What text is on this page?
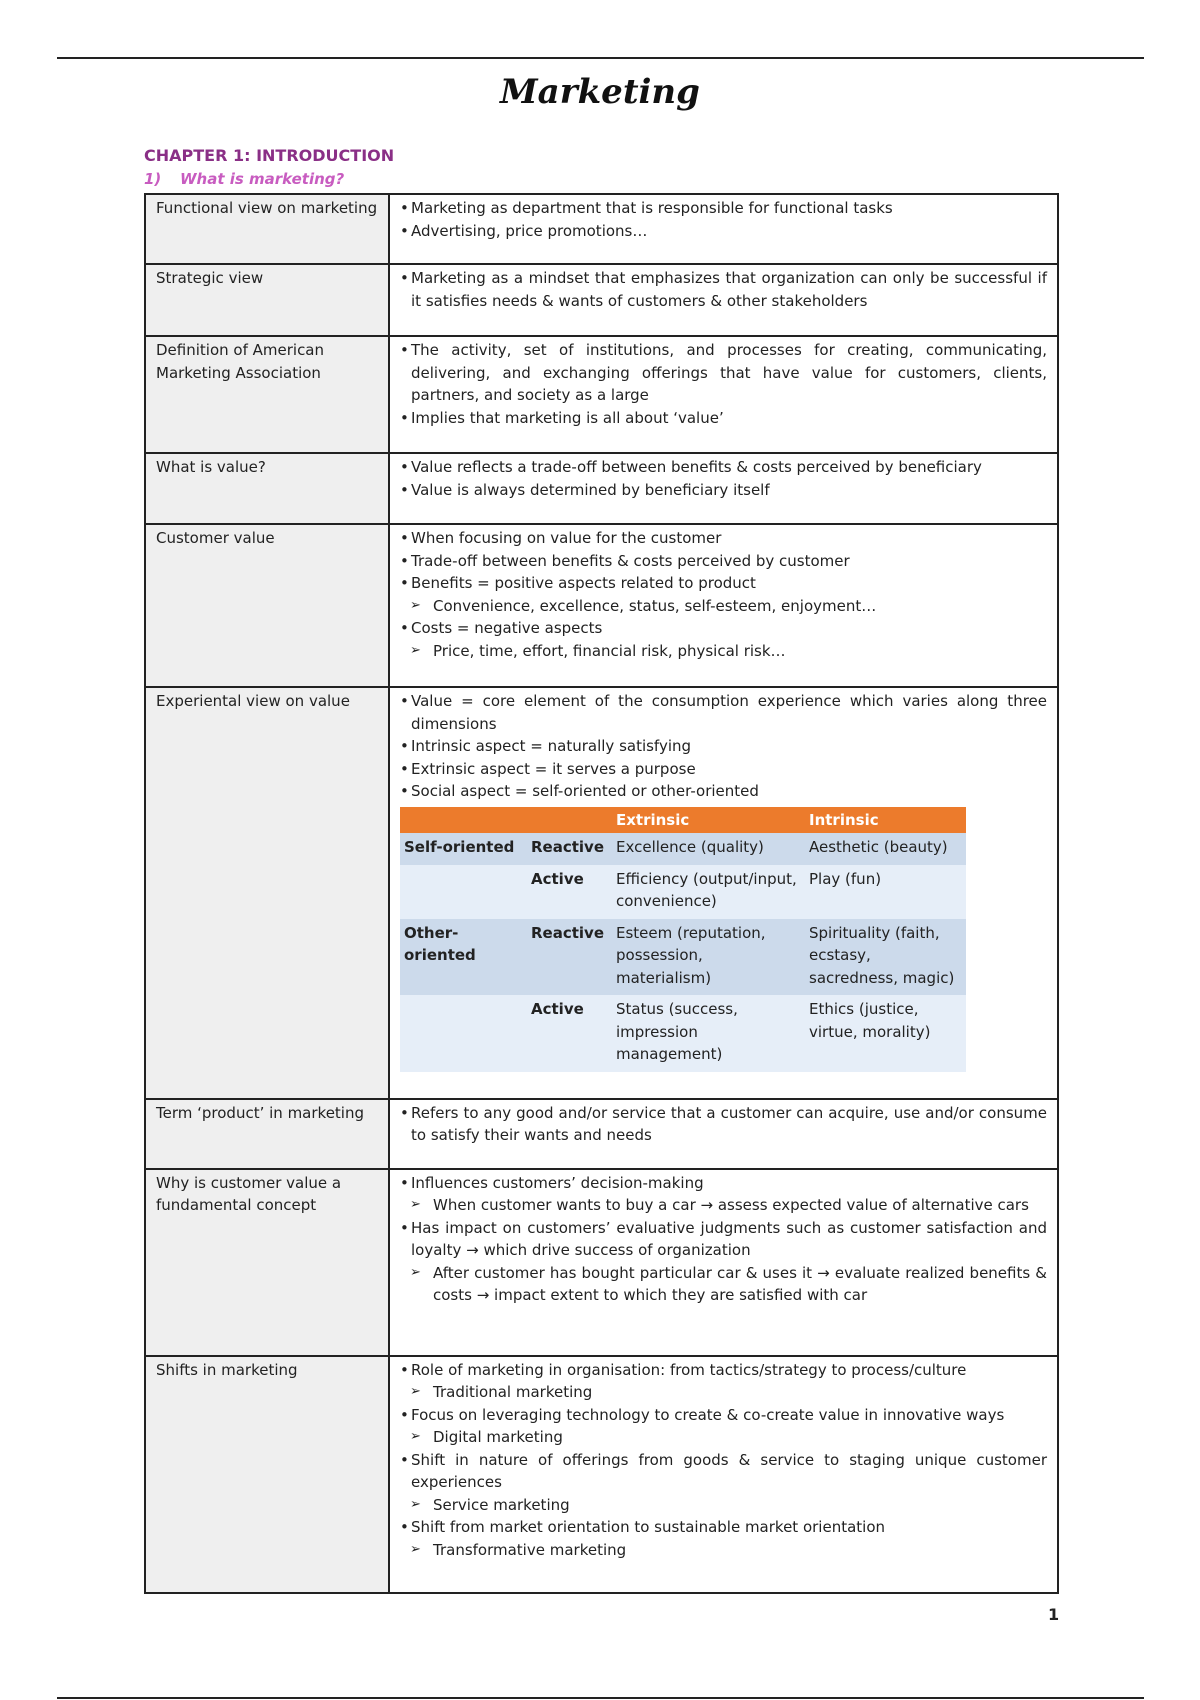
Marketing
CHAPTER 1: INTRODUCTION
1) What is marketing?
Functional view on marketing	
•Marketing as department that is responsible for functional tasks
• Advertising, price promotions…

Strategic view	
•Marketing as a mindset that emphasizes that organization can only be successful if it satisfies needs & wants of customers & other stakeholders

Definition of American Marketing Association	
• The activity, set of institutions, and processes for creating, communicating, delivering, and exchanging offerings that have value for customers, clients, partners, and society as a large
• Implies that marketing is all about ‘value’

What is value?	
•Value reflects a trade-off between benefits & costs perceived by beneficiary
• Value is always determined by beneficiary itself

Customer value	
•When focusing on value for the customer
• Trade-off between benefits & costs perceived by customer
• Benefits = positive aspects related to product
➢ Convenience, excellence, status, self-esteem, enjoyment…
• Costs = negative aspects
➢ Price, time, effort, financial risk, physical risk…

Experiental view on value	
•Value = core element of the consumption experience which varies along three dimensions
• Intrinsic aspect = naturally satisfying
• Extrinsic aspect = it serves a purpose
• Social aspect = self-oriented or other-oriented
		Extrinsic	Intrinsic
Self-oriented	Reactive	Excellence (quality)	Aesthetic (beauty)
	Active	Efficiency (output/input, convenience)	Play (fun)
Other-oriented	Reactive	Esteem (reputation, possession, materialism)	Spirituality (faith, ecstasy, sacredness, magic)
	Active	Status (success, impression management)	Ethics (justice, virtue, morality)

Term ‘product’ in marketing	
•Refers to any good and/or service that a customer can acquire, use and/or consume to satisfy their wants and needs

Why is customer value a fundamental concept	
• Influences customers’ decision-making
➢ When customer wants to buy a car → assess expected value of alternative cars
• Has impact on customers’ evaluative judgments such as customer satisfaction and loyalty → which drive success of organization
➢ After customer has bought particular car & uses it → evaluate realized benefits & costs → impact extent to which they are satisfied with car

Shifts in marketing	
•Role of marketing in organisation: from tactics/strategy to process/culture
➢ Traditional marketing
• Focus on leveraging technology to create & co-create value in innovative ways
➢ Digital marketing
• Shift in nature of offerings from goods & service to staging unique customer experiences
➢ Service marketing
• Shift from market orientation to sustainable market orientation
➢ Transformative marketing
1
